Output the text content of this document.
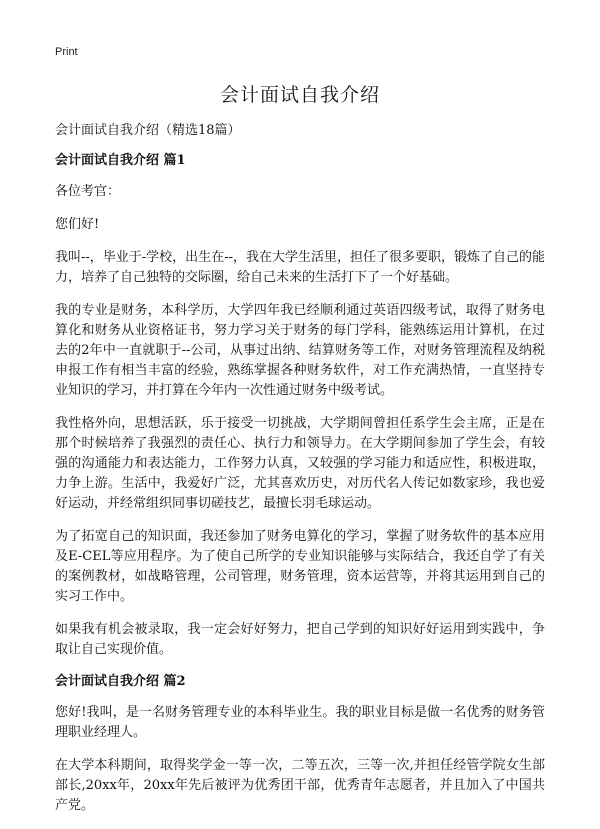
Print
会计面试自我介绍

会计面试自我介绍（精选18篇）

会计面试自我介绍 篇1

各位考官：

您们好!

我叫--，毕业于-学校，出生在--，我在大学生活里，担任了很多要职，锻炼了自己的能力，培养了自己独特的交际圈，给自己未来的生活打下了一个好基础。

我的专业是财务，本科学历，大学四年我已经顺利通过英语四级考试，取得了财务电算化和财务从业资格证书，努力学习关于财务的每门学科，能熟练运用计算机，在过去的2年中一直就职于--公司，从事过出纳、结算财务等工作，对财务管理流程及纳税申报工作有相当丰富的经验，熟练掌握各种财务软件，对工作充满热情，一直坚持专业知识的学习，并打算在今年内一次性通过财务中级考试。

我性格外向，思想活跃，乐于接受一切挑战，大学期间曾担任系学生会主席，正是在那个时候培养了我强烈的责任心、执行力和领导力。在大学期间参加了学生会，有较强的沟通能力和表达能力，工作努力认真，又较强的学习能力和适应性，积极进取，力争上游。生活中，我爱好广泛，尤其喜欢历史，对历代名人传记如数家珍，我也爱好运动，并经常组织同事切磋技艺，最擅长羽毛球运动。

为了拓宽自己的知识面，我还参加了财务电算化的学习，掌握了财务软件的基本应用及E-CEL等应用程序。为了使自己所学的专业知识能够与实际结合，我还自学了有关的案例教材，如战略管理，公司管理，财务管理，资本运营等，并将其运用到自己的实习工作中。

如果我有机会被录取，我一定会好好努力，把自己学到的知识好好运用到实践中，争取让自己实现价值。

会计面试自我介绍 篇2

您好!我叫，是一名财务管理专业的本科毕业生。我的职业目标是做一名优秀的财务管理职业经理人。

在大学本科期间，取得奖学金一等一次，二等五次，三等一次,并担任经管学院女生部部长,20xx年，20xx年先后被评为优秀团干部，优秀青年志愿者，并且加入了中国共产党。
